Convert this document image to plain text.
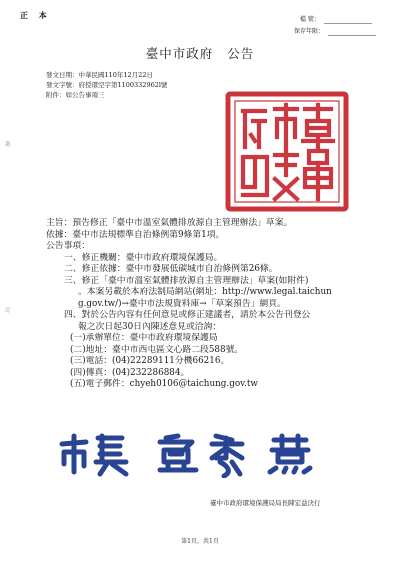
正 本	檔 號：
保存年限：
臺中市政府 公告
發文日期：中華民國110年12月22日
發文字號：府授環空字第1100332962l號
附件：如公告事項三
裝
訂
主旨：預告修正「臺中市溫室氣體排放源自主管理辦法」草案。
依據：臺中市法規標準自治條例第9條第1項。
公告事項：
一、修正機關：臺中市政府環境保護局。
二、修正依據：臺中市發展低碳城市自治條例第26條。
三、修正「臺中市溫室氣體排放源自主管理辦法」草案(如附件)
。本案另載於本府法制局網站(網址：http://www.legal.taichun
g.gov.tw/)→臺中市法規資料庫→「草案預告」網頁。
四、對於公告內容有任何意見或修正建議者，請於本公告刊登公
報之次日起30日內陳述意見或洽詢：
(一)承辦單位：臺中市政府環境保護局
(二)地址：臺中市西屯區文心路二段588號。
(三)電話：(04)22289111分機66216。
(四)傳真：(04)232286884。
(五)電子郵件：chyeh0106@taichung.gov.tw
臺中市政府環境保護局局長陳宏益決行
第1頁，共1頁
